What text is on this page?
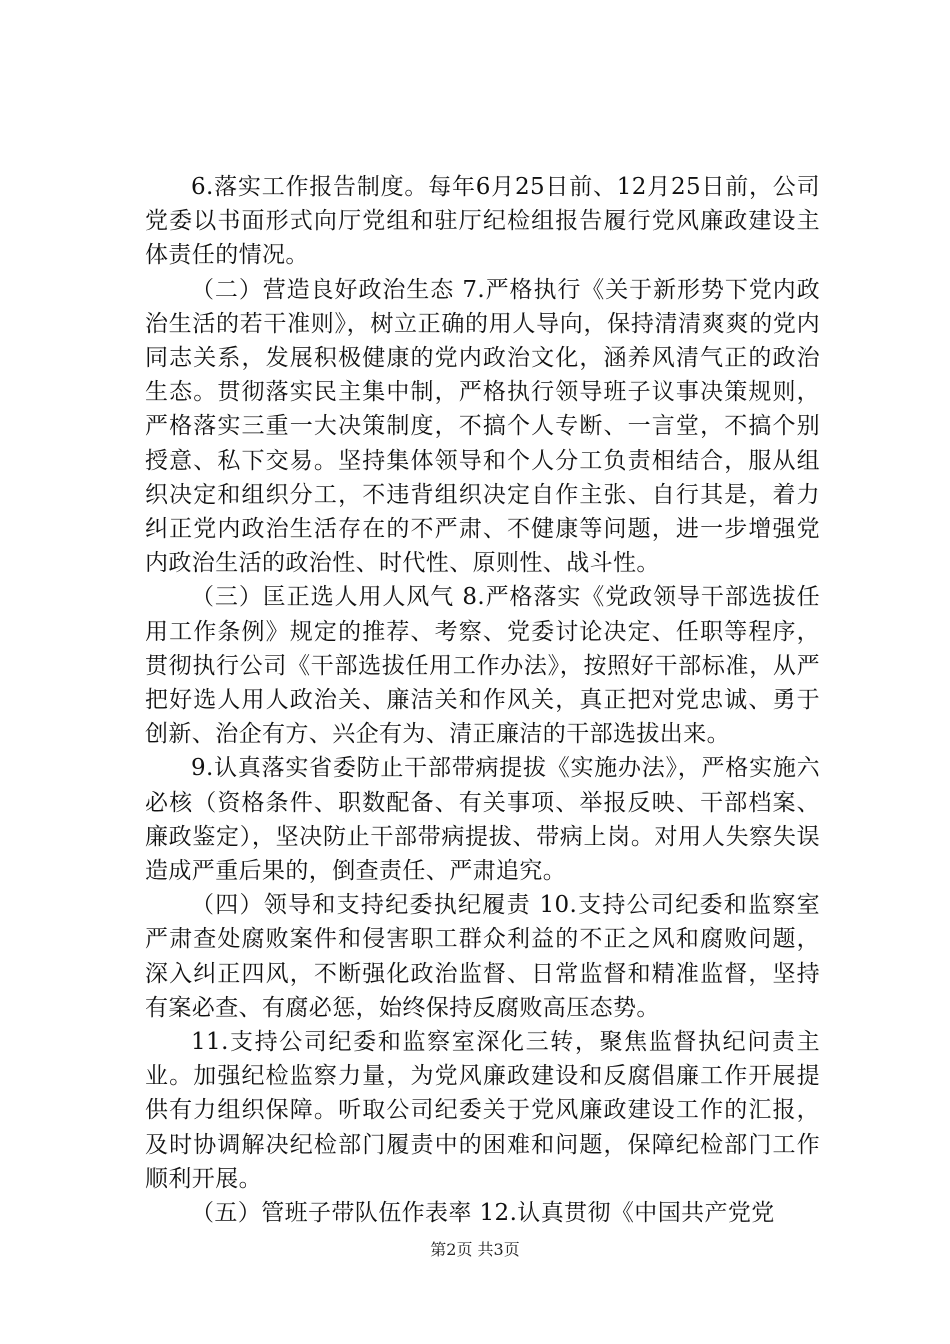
6.落实工作报告制度。每年6月25日前、12月25日前，公司党委以书面形式向厅党组和驻厅纪检组报告履行党风廉政建设主体责任的情况。

（二）营造良好政治生态 7.严格执行《关于新形势下党内政治生活的若干准则》，树立正确的用人导向，保持清清爽爽的党内同志关系，发展积极健康的党内政治文化，涵养风清气正的政治生态。贯彻落实民主集中制，严格执行领导班子议事决策规则，严格落实三重一大决策制度，不搞个人专断、一言堂，不搞个别授意、私下交易。坚持集体领导和个人分工负责相结合，服从组织决定和组织分工，不违背组织决定自作主张、自行其是，着力纠正党内政治生活存在的不严肃、不健康等问题，进一步增强党内政治生活的政治性、时代性、原则性、战斗性。

（三）匡正选人用人风气 8.严格落实《党政领导干部选拔任用工作条例》规定的推荐、考察、党委讨论决定、任职等程序，贯彻执行公司《干部选拔任用工作办法》，按照好干部标准，从严把好选人用人政治关、廉洁关和作风关，真正把对党忠诚、勇于创新、治企有方、兴企有为、清正廉洁的干部选拔出来。

9.认真落实省委防止干部带病提拔《实施办法》，严格实施六必核（资格条件、职数配备、有关事项、举报反映、干部档案、廉政鉴定），坚决防止干部带病提拔、带病上岗。对用人失察失误造成严重后果的，倒查责任、严肃追究。

（四）领导和支持纪委执纪履责 10.支持公司纪委和监察室严肃查处腐败案件和侵害职工群众利益的不正之风和腐败问题，深入纠正四风，不断强化政治监督、日常监督和精准监督，坚持有案必查、有腐必惩，始终保持反腐败高压态势。

11.支持公司纪委和监察室深化三转，聚焦监督执纪问责主业。加强纪检监察力量，为党风廉政建设和反腐倡廉工作开展提供有力组织保障。听取公司纪委关于党风廉政建设工作的汇报，及时协调解决纪检部门履责中的困难和问题，保障纪检部门工作顺利开展。

（五）管班子带队伍作表率 12.认真贯彻《中国共产党党

第2页 共3页
